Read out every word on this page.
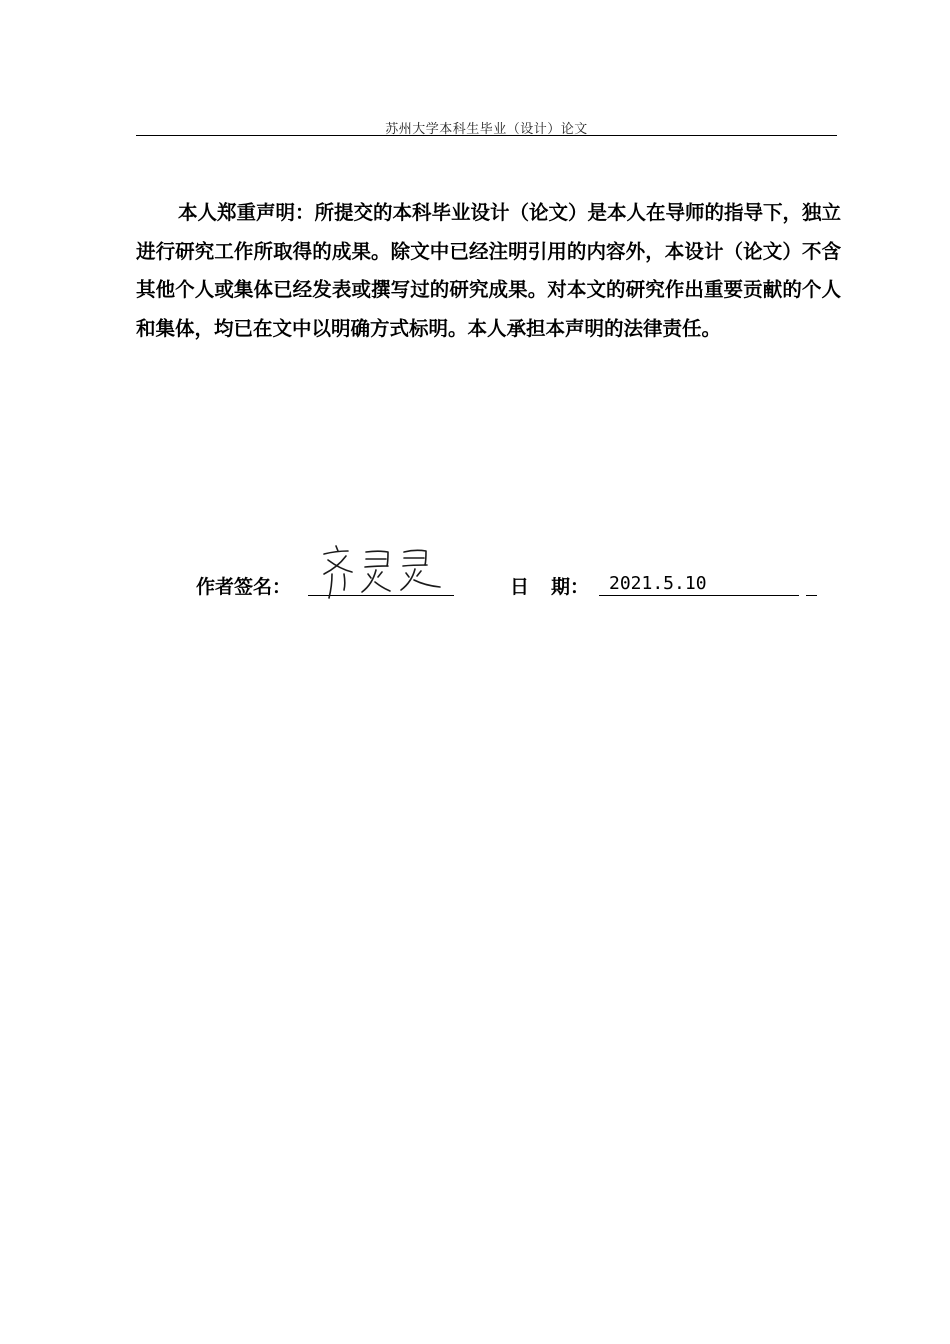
苏州大学本科生毕业（设计）论文
本人郑重声明：所提交的本科毕业设计（论文）是本人在导师的指导下，独立进行研究工作所取得的成果。除文中已经注明引用的内容外，本设计（论文）不含其他个人或集体已经发表或撰写过的研究成果。对本文的研究作出重要贡献的个人和集体，均已在文中以明确方式标明。本人承担本声明的法律责任。
作者签名：	日 期： 2021.5.10
